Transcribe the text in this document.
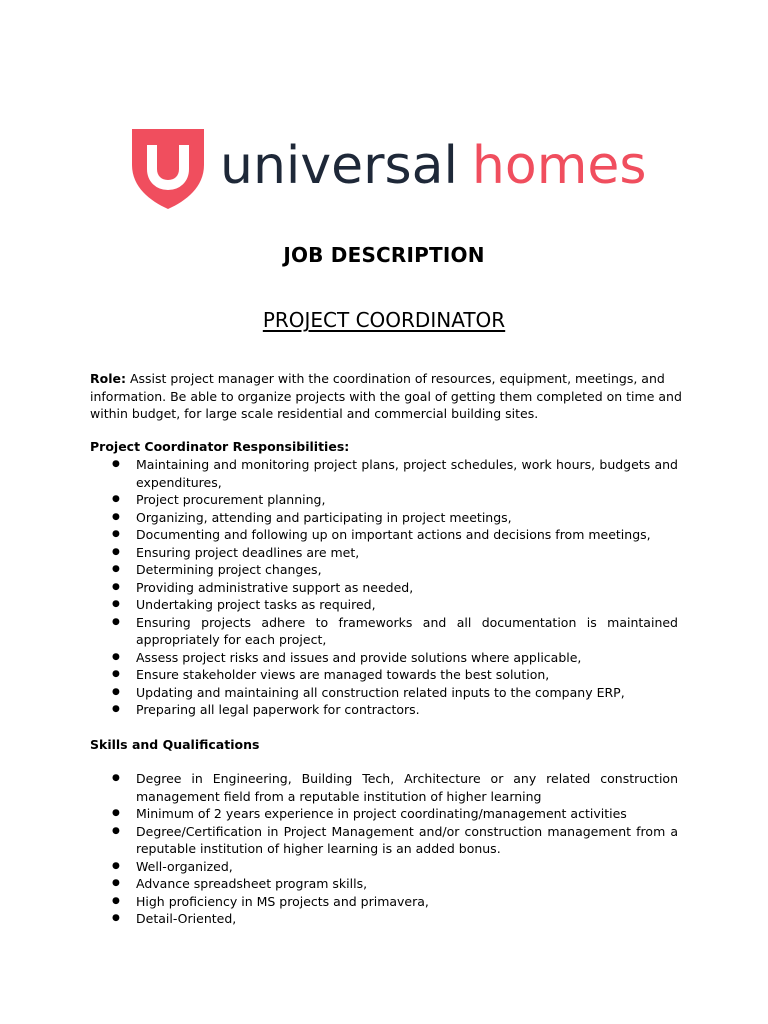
universal homes
JOB DESCRIPTION
PROJECT COORDINATOR
Role: Assist project manager with the coordination of resources, equipment, meetings, and information. Be able to organize projects with the goal of getting them completed on time and within budget, for large scale residential and commercial building sites.
Project Coordinator Responsibilities:
● Maintaining and monitoring project plans, project schedules, work hours, budgets and expenditures,
● Project procurement planning,
● Organizing, attending and participating in project meetings,
● Documenting and following up on important actions and decisions from meetings,
● Ensuring project deadlines are met,
● Determining project changes,
● Providing administrative support as needed,
● Undertaking project tasks as required,
● Ensuring projects adhere to frameworks and all documentation is maintained appropriately for each project,
● Assess project risks and issues and provide solutions where applicable,
● Ensure stakeholder views are managed towards the best solution,
● Updating and maintaining all construction related inputs to the company ERP,
● Preparing all legal paperwork for contractors.
Skills and Qualifications
● Degree in Engineering, Building Tech, Architecture or any related construction management field from a reputable institution of higher learning
● Minimum of 2 years experience in project coordinating/management activities
● Degree/Certification in Project Management and/or construction management from a reputable institution of higher learning is an added bonus.
● Well-organized,
● Advance spreadsheet program skills,
● High proficiency in MS projects and primavera,
● Detail-Oriented,
